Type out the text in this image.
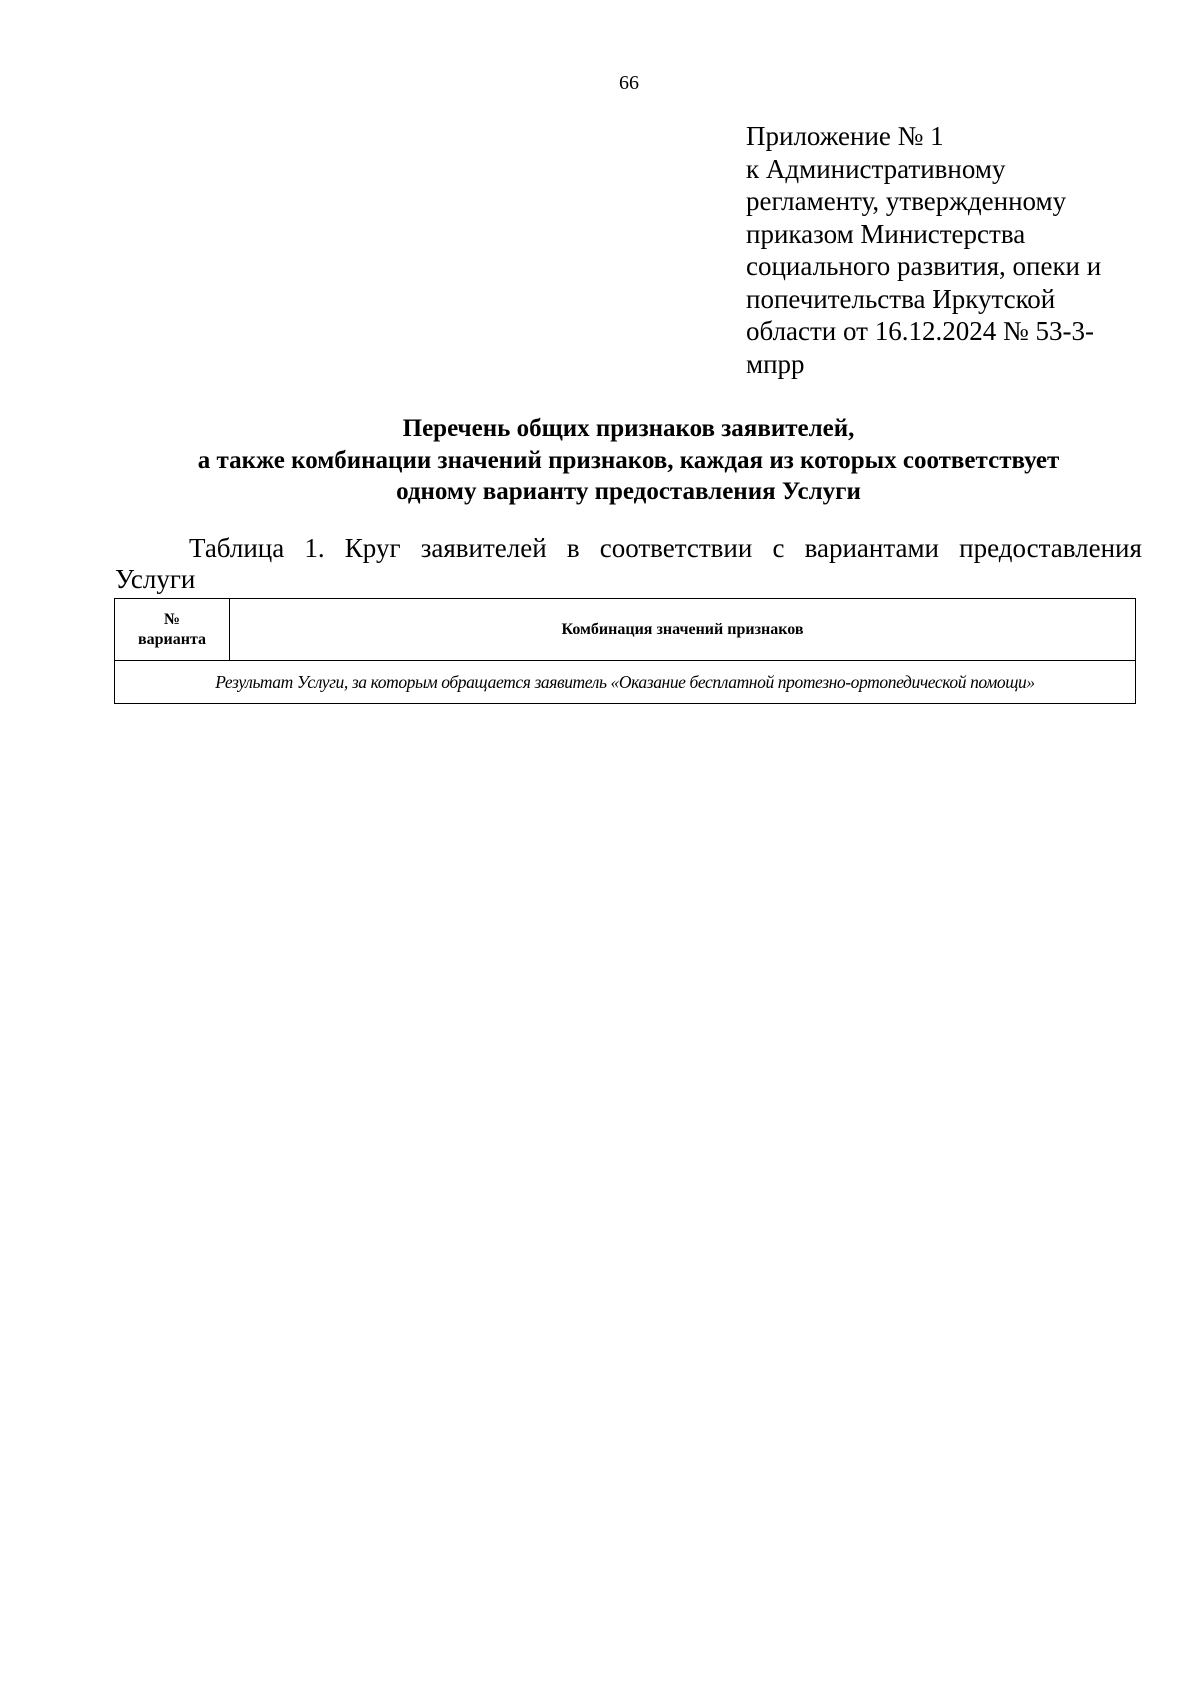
66
Приложение № 1
к Административному
регламенту, утвержденному
приказом Министерства
социального развития, опеки и
попечительства Иркутской
области от 16.12.2024 № 53-3-
мпрр
Перечень общих признаков заявителей,
а также комбинации значений признаков, каждая из которых соответствует
одному варианту предоставления Услуги
Таблица 1. Круг заявителей в соответствии с вариантами предоставления
Услуги
№
варианта
	Комбинация значений признаков
Результат Услуги, за которым обращается заявитель «Оказание бесплатной протезно-ортопедической помощи»
